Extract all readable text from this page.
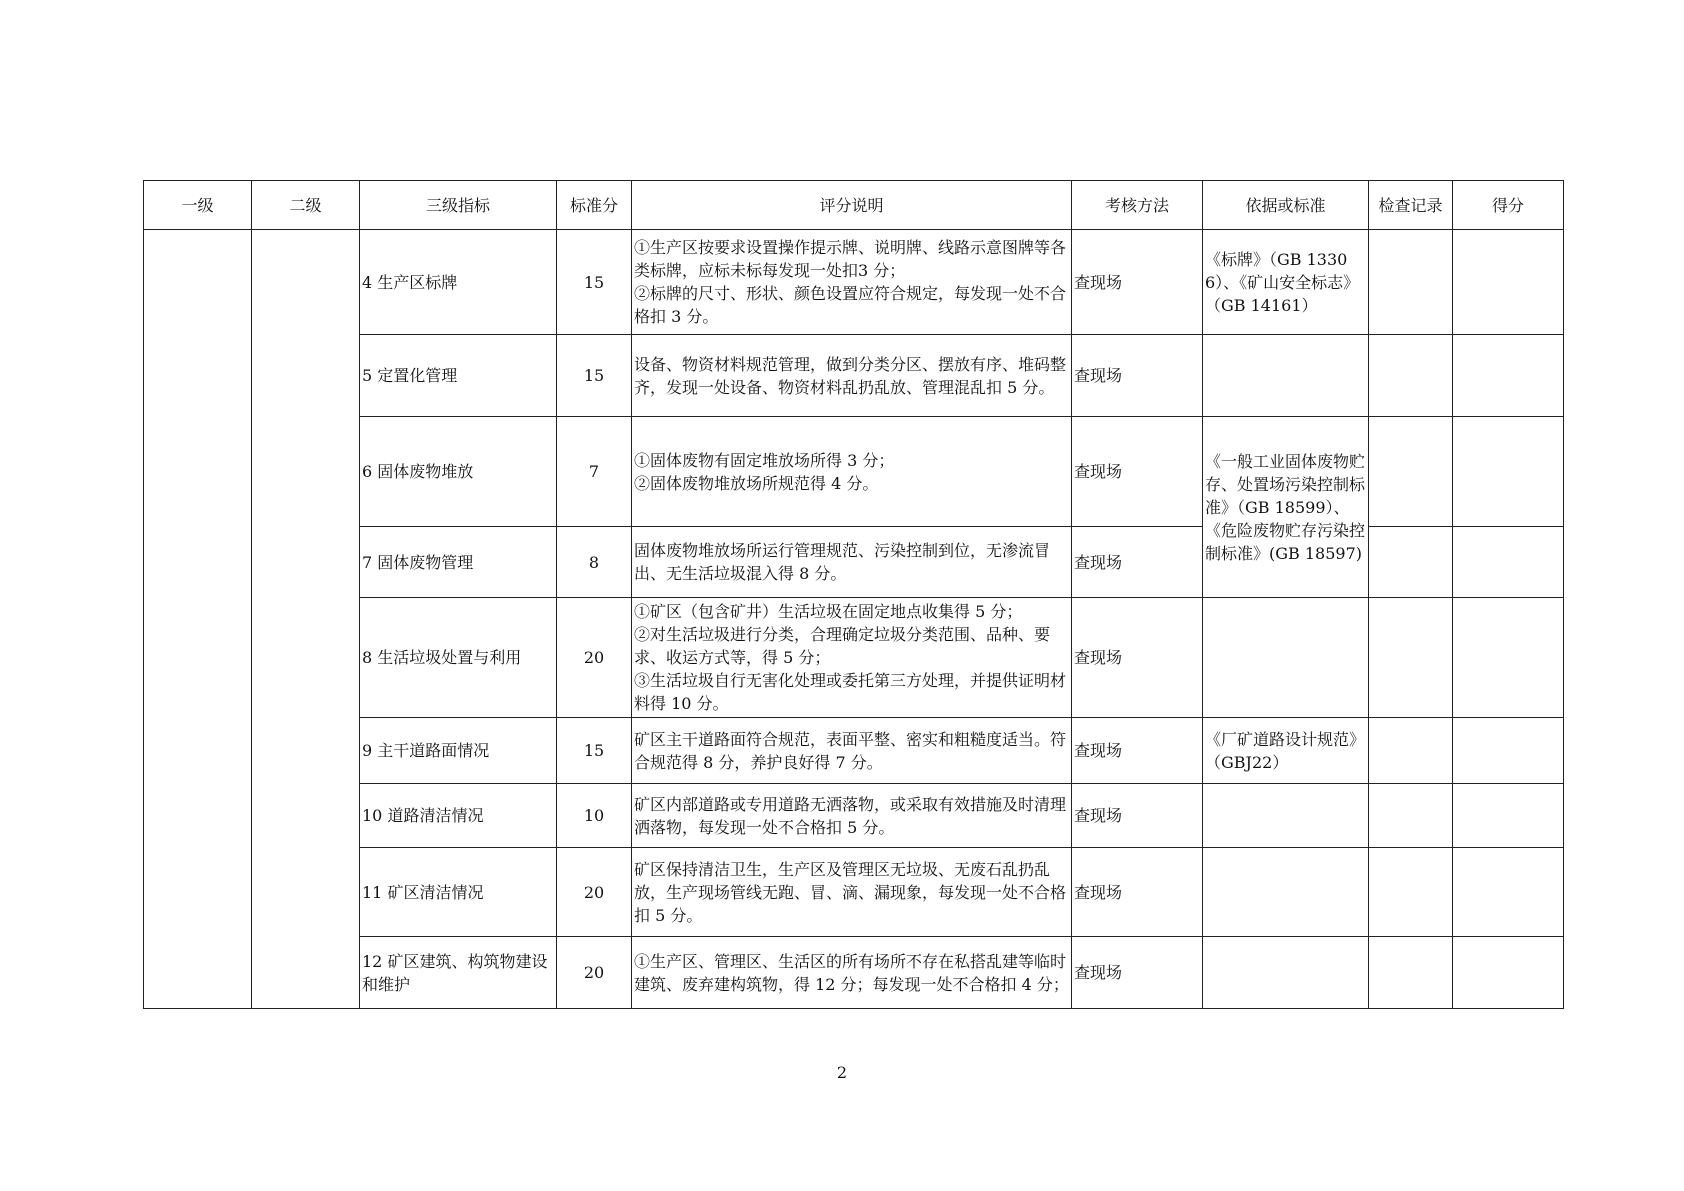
一级	二级	三级指标	标准分	评分说明	考核方法	依据或标准	检查记录	得分
		4 生产区标牌	15	①生产区按要求设置操作提示牌、说明牌、线路示意图牌等各类标牌，应标未标每发现一处扣3 分；
②标牌的尺寸、形状、颜色设置应符合规定，每发现一处不合格扣 3 分。	查现场	《标牌》（GB 13306）、《矿山安全标志》（GB 14161）		
		5 定置化管理	15	设备、物资材料规范管理，做到分类分区、摆放有序、堆码整齐，发现一处设备、物资材料乱扔乱放、管理混乱扣 5 分。	查现场			
		6 固体废物堆放	7	①固体废物有固定堆放场所得 3 分；
②固体废物堆放场所规范得 4 分。	查现场	《一般工业固体废物贮存、处置场污染控制标准》（GB 18599）、《危险废物贮存污染控制标准》(GB 18597)		
		7 固体废物管理	8	固体废物堆放场所运行管理规范、污染控制到位，无渗流冒出、无生活垃圾混入得 8 分。	查现场			
		8 生活垃圾处置与利用	20	①矿区（包含矿井）生活垃圾在固定地点收集得 5 分；
②对生活垃圾进行分类，合理确定垃圾分类范围、品种、要求、收运方式等，得 5 分；
③生活垃圾自行无害化处理或委托第三方处理，并提供证明材料得 10 分。	查现场			
		9 主干道路面情况	15	矿区主干道路面符合规范，表面平整、密实和粗糙度适当。符合规范得 8 分，养护良好得 7 分。	查现场	《厂矿道路设计规范》（GBJ22）		
		10 道路清洁情况	10	矿区内部道路或专用道路无洒落物，或采取有效措施及时清理洒落物，每发现一处不合格扣 5 分。	查现场			
		11 矿区清洁情况	20	矿区保持清洁卫生，生产区及管理区无垃圾、无废石乱扔乱放，生产现场管线无跑、冒、滴、漏现象，每发现一处不合格扣 5 分。	查现场			
		12 矿区建筑、构筑物建设和维护	20	①生产区、管理区、生活区的所有场所不存在私搭乱建等临时建筑、废弃建构筑物，得 12 分；每发现一处不合格扣 4 分；	查现场			
2
